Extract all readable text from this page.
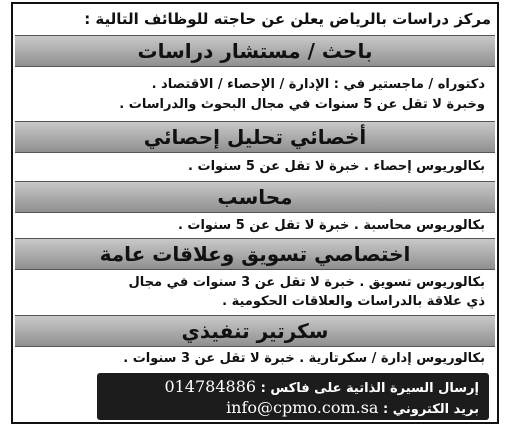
مركز دراسات بالرياض يعلن عن حاجته للوظائف التالية :
باحث / مستشار دراسات
دكتوراه / ماجستير في : الإدارة / الإحصاء / الاقتصاد .
وخبرة لا تقل عن 5 سنوات في مجال البحوث والدراسات .
أخصائي تحليل إحصائي
بكالوريوس إحصاء . خبرة لا تقل عن 5 سنوات .
محاسب
بكالوريوس محاسبة . خبرة لا تقل عن 5 سنوات .
اختصاصي تسويق وعلاقات عامة
بكالوريوس تسويق . خبرة لا تقل عن 3 سنوات في مجال
ذي علاقة بالدراسات والعلاقات الحكومية .
سكرتير تنفيذي
بكالوريوس إدارة / سكرتارية . خبرة لا تقل عن 3 سنوات .
إرسال السيرة الذاتية على فاكس : 014784886
بريد الكتروني : info@cpmo.com.sa
